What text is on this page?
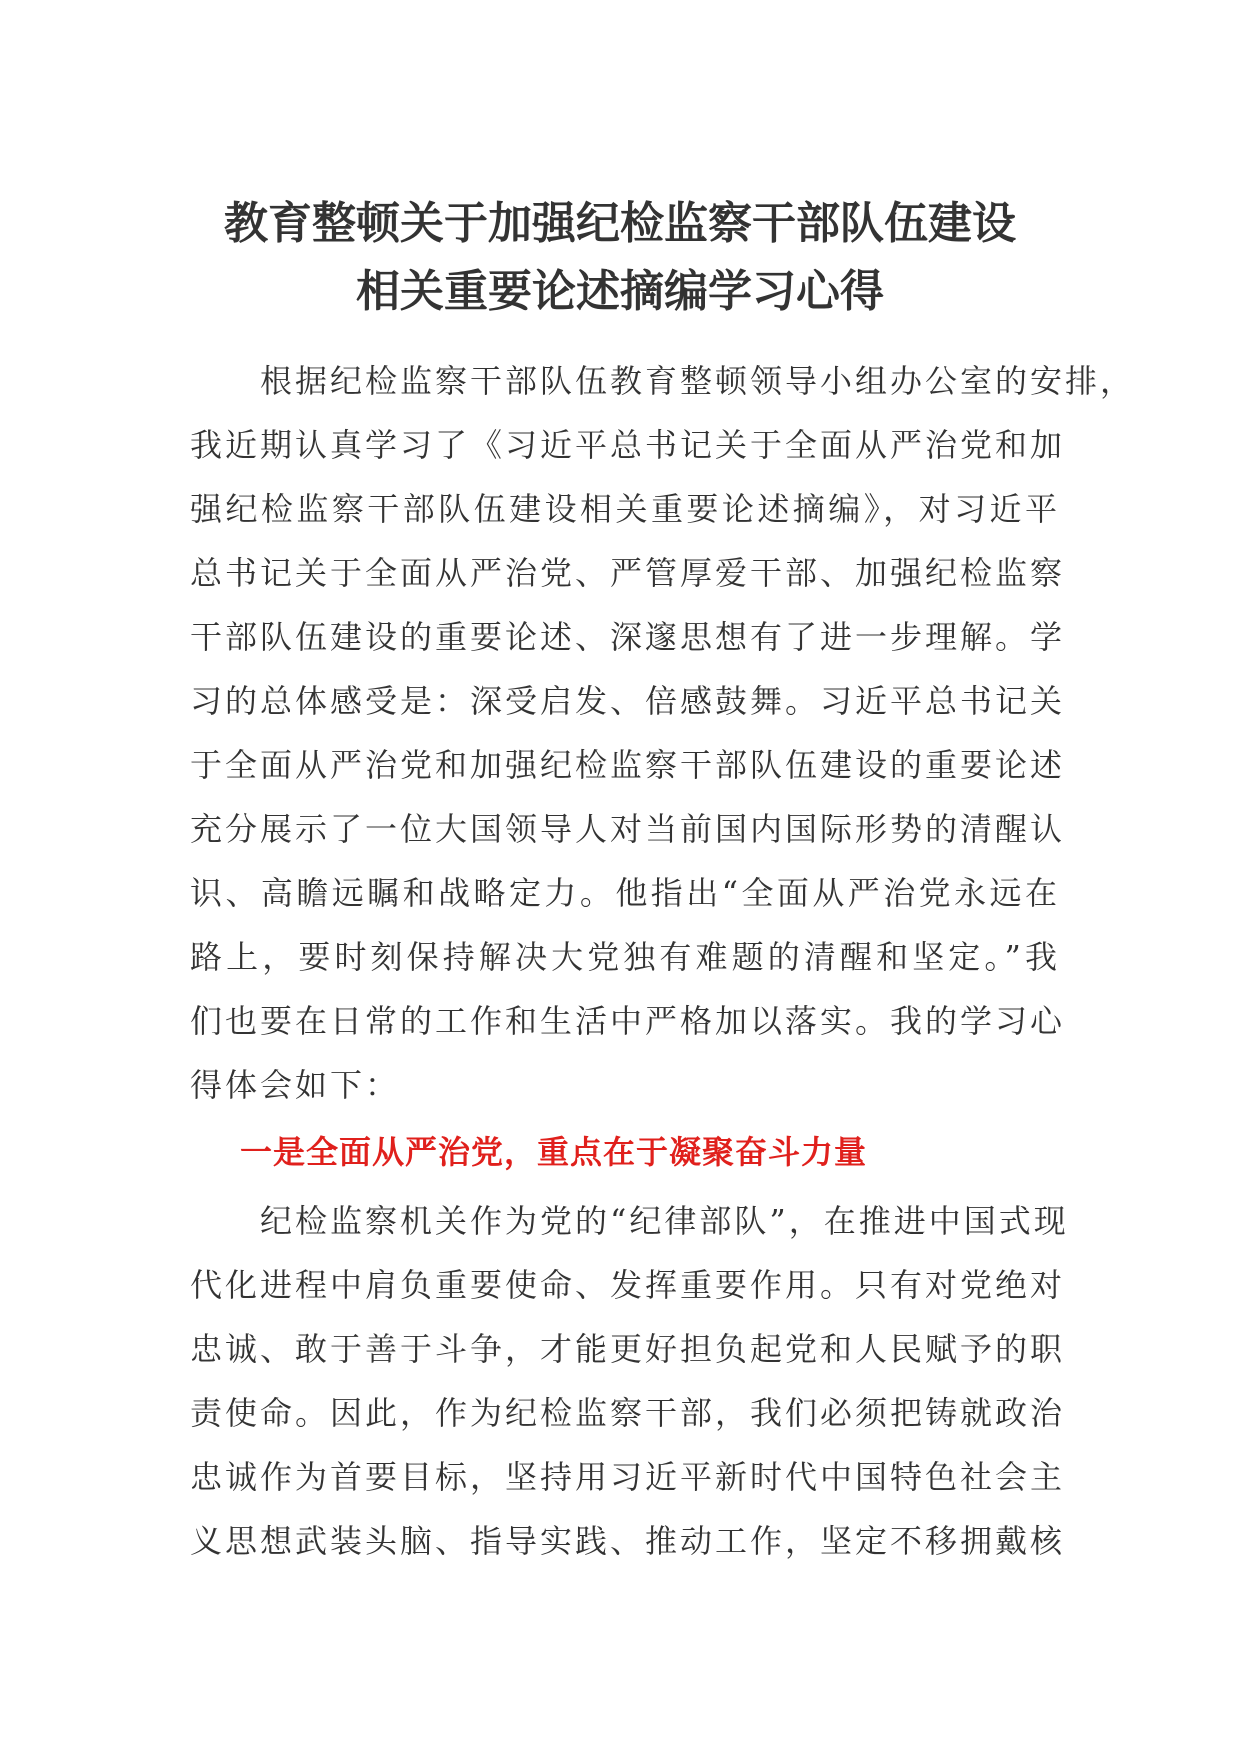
教育整顿关于加强纪检监察干部队伍建设
相关重要论述摘编学习心得
　　根据纪检监察干部队伍教育整顿领导小组办公室的安排，
我近期认真学习了《习近平总书记关于全面从严治党和加
强纪检监察干部队伍建设相关重要论述摘编》，对习近平
总书记关于全面从严治党、严管厚爱干部、加强纪检监察
干部队伍建设的重要论述、深邃思想有了进一步理解。学
习的总体感受是：深受启发、倍感鼓舞。习近平总书记关
于全面从严治党和加强纪检监察干部队伍建设的重要论述
充分展示了一位大国领导人对当前国内国际形势的清醒认
识、高瞻远瞩和战略定力。他指出“全面从严治党永远在
路上，要时刻保持解决大党独有难题的清醒和坚定。”我
们也要在日常的工作和生活中严格加以落实。我的学习心
得体会如下：
一是全面从严治党，重点在于凝聚奋斗力量
　　纪检监察机关作为党的“纪律部队”，在推进中国式现
代化进程中肩负重要使命、发挥重要作用。只有对党绝对
忠诚、敢于善于斗争，才能更好担负起党和人民赋予的职
责使命。因此，作为纪检监察干部，我们必须把铸就政治
忠诚作为首要目标，坚持用习近平新时代中国特色社会主
义思想武装头脑、指导实践、推动工作，坚定不移拥戴核
